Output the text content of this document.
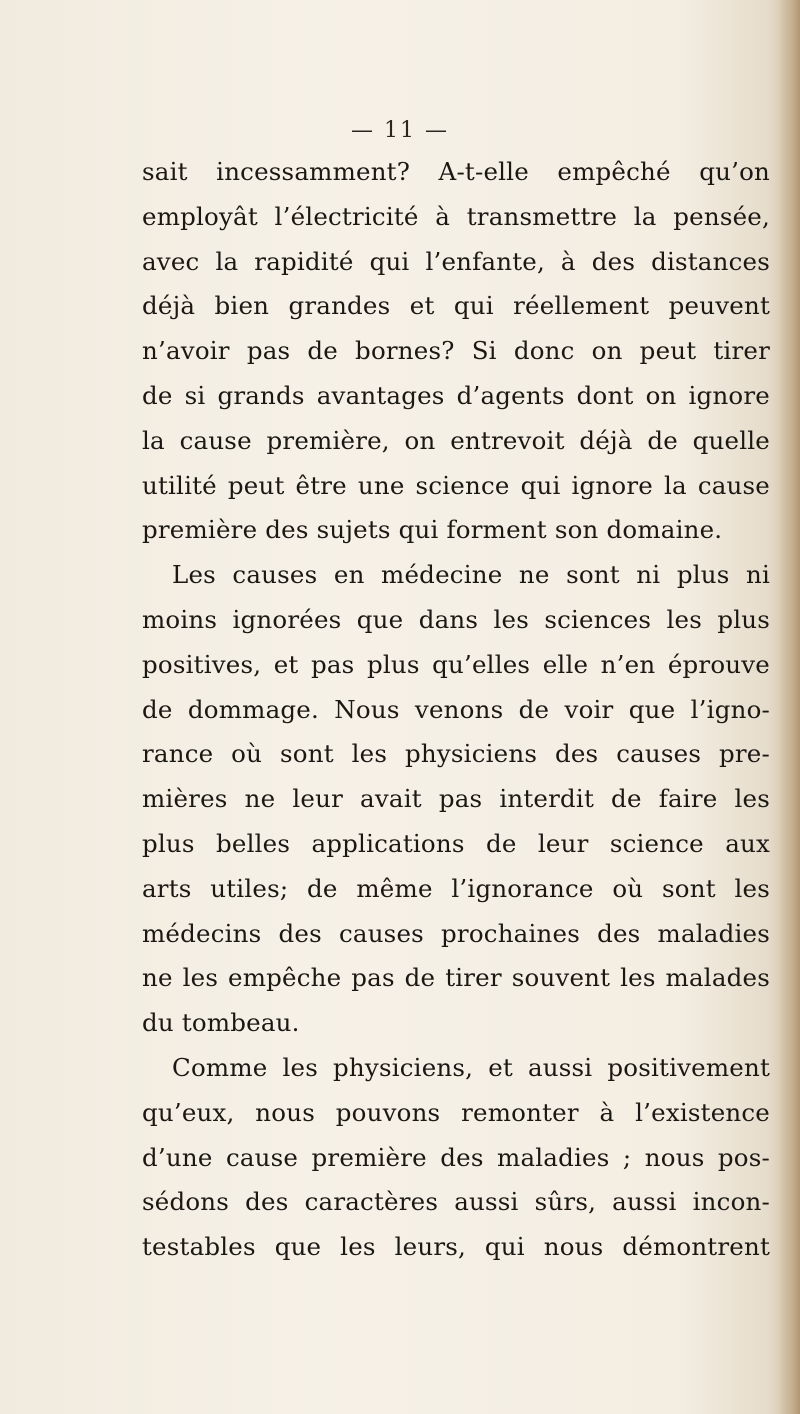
— 11 —
sait incessamment? A-t-elle empêché qu’on
employât l’électricité à transmettre la pensée,
avec la rapidité qui l’enfante, à des distances
déjà bien grandes et qui réellement peuvent
n’avoir pas de bornes? Si donc on peut tirer
de si grands avantages d’agents dont on ignore
la cause première, on entrevoit déjà de quelle
utilité peut être une science qui ignore la cause
première des sujets qui forment son domaine.
Les causes en médecine ne sont ni plus ni
moins ignorées que dans les sciences les plus
positives, et pas plus qu’elles elle n’en éprouve
de dommage. Nous venons de voir que l’igno-
rance où sont les physiciens des causes pre-
mières ne leur avait pas interdit de faire les
plus belles applications de leur science aux
arts utiles; de même l’ignorance où sont les
médecins des causes prochaines des maladies
ne les empêche pas de tirer souvent les malades
du tombeau.
Comme les physiciens, et aussi positivement
qu’eux, nous pouvons remonter à l’existence
d’une cause première des maladies ; nous pos-
sédons des caractères aussi sûrs, aussi incon-
testables que les leurs, qui nous démontrent
